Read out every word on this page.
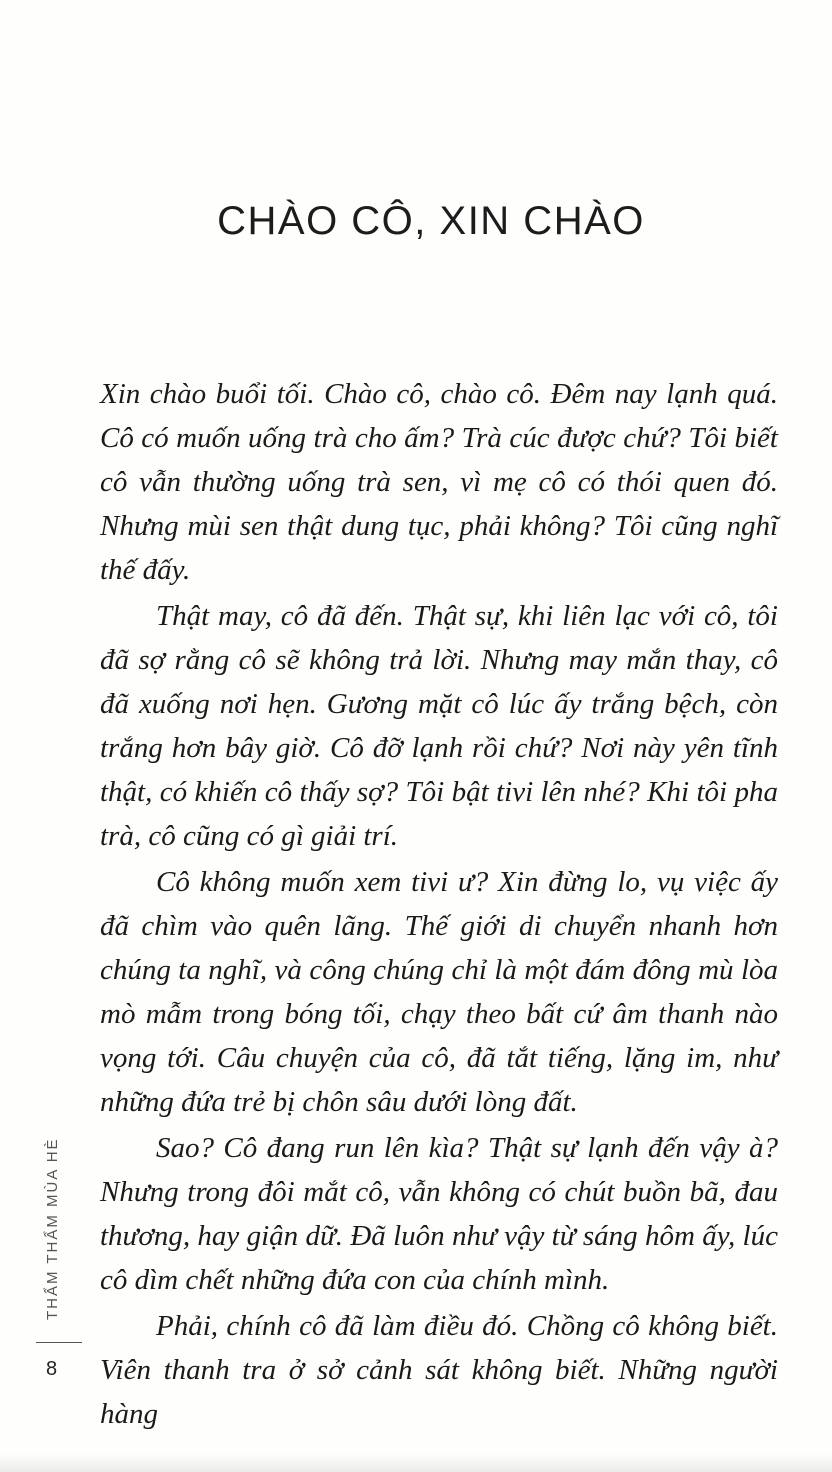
CHÀO CÔ, XIN CHÀO

Xin chào buổi tối. Chào cô, chào cô. Đêm nay lạnh quá. Cô có muốn uống trà cho ấm? Trà cúc được chứ? Tôi biết cô vẫn thường uống trà sen, vì mẹ cô có thói quen đó. Nhưng mùi sen thật dung tục, phải không? Tôi cũng nghĩ thế đấy.

Thật may, cô đã đến. Thật sự, khi liên lạc với cô, tôi đã sợ rằng cô sẽ không trả lời. Nhưng may mắn thay, cô đã xuống nơi hẹn. Gương mặt cô lúc ấy trắng bệch, còn trắng hơn bây giờ. Cô đỡ lạnh rồi chứ? Nơi này yên tĩnh thật, có khiến cô thấy sợ? Tôi bật tivi lên nhé? Khi tôi pha trà, cô cũng có gì giải trí.

Cô không muốn xem tivi ư? Xin đừng lo, vụ việc ấy đã chìm vào quên lãng. Thế giới di chuyển nhanh hơn chúng ta nghĩ, và công chúng chỉ là một đám đông mù lòa mò mẫm trong bóng tối, chạy theo bất cứ âm thanh nào vọng tới. Câu chuyện của cô, đã tắt tiếng, lặng im, như những đứa trẻ bị chôn sâu dưới lòng đất.

Sao? Cô đang run lên kìa? Thật sự lạnh đến vậy à? Nhưng trong đôi mắt cô, vẫn không có chút buồn bã, đau thương, hay giận dữ. Đã luôn như vậy từ sáng hôm ấy, lúc cô dìm chết những đứa con của chính mình.

Phải, chính cô đã làm điều đó. Chồng cô không biết. Viên thanh tra ở sở cảnh sát không biết. Những người hàng

THẨM THẨM MÙA HÈ
8
